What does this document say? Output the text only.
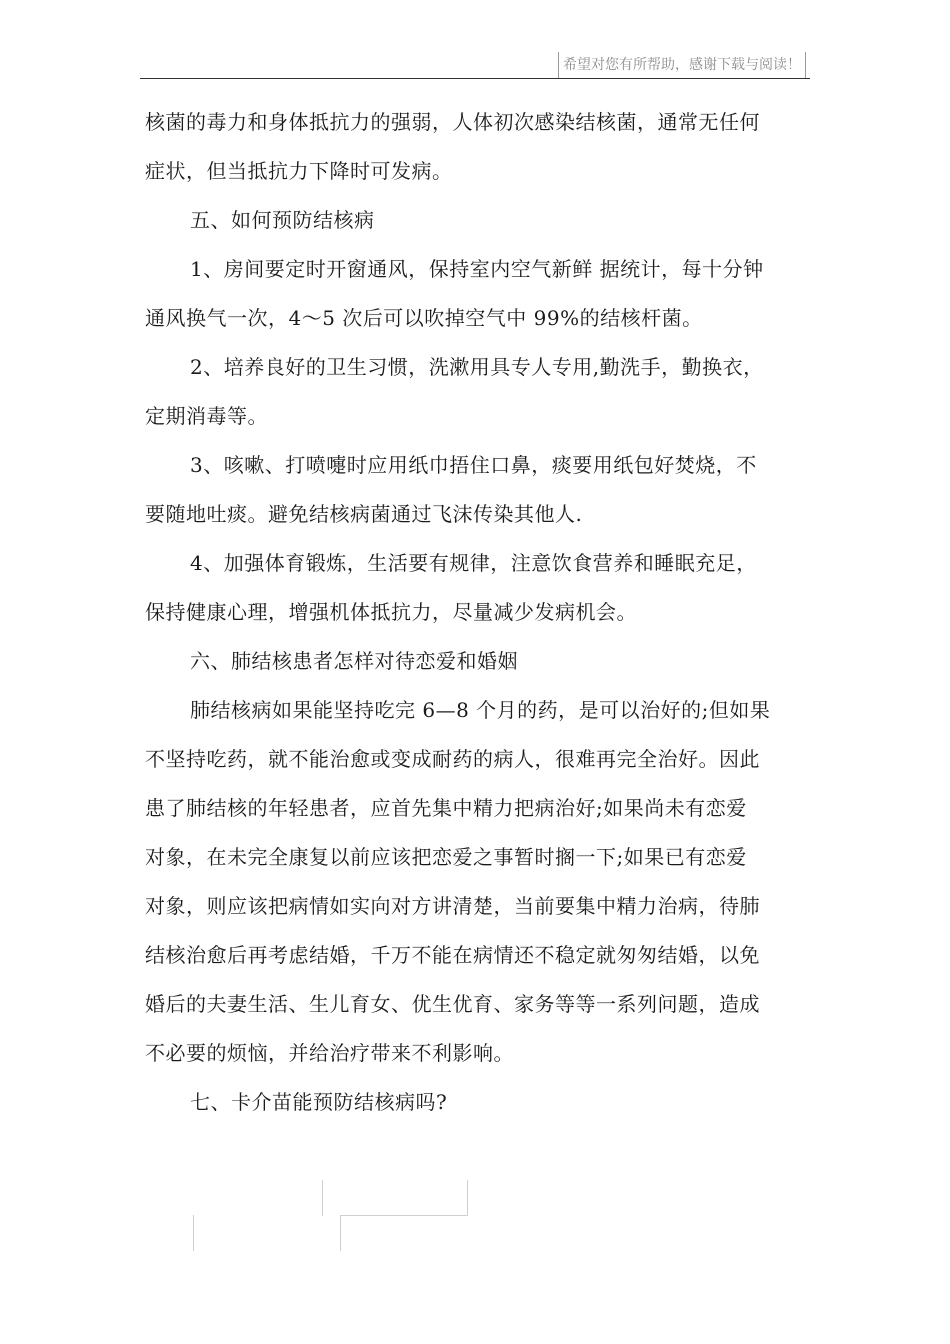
希望对您有所帮助，感谢下载与阅读！
核菌的毒力和身体抵抗力的强弱，人体初次感染结核菌，通常无任何
症状，但当抵抗力下降时可发病。
五、如何预防结核病
1、房间要定时开窗通风，保持室内空气新鲜 据统计，每十分钟
通风换气一次，4～5 次后可以吹掉空气中 99%的结核杆菌。
2、培养良好的卫生习惯，洗漱用具专人专用,勤洗手，勤换衣，
定期消毒等。
3、咳嗽、打喷嚏时应用纸巾捂住口鼻，痰要用纸包好焚烧，不
要随地吐痰。避免结核病菌通过飞沫传染其他人.
4、加强体育锻炼，生活要有规律，注意饮食营养和睡眠充足，
保持健康心理，增强机体抵抗力，尽量减少发病机会。
六、肺结核患者怎样对待恋爱和婚姻
肺结核病如果能坚持吃完 6—8 个月的药，是可以治好的;但如果
不坚持吃药，就不能治愈或变成耐药的病人，很难再完全治好。因此
患了肺结核的年轻患者，应首先集中精力把病治好;如果尚未有恋爱
对象，在未完全康复以前应该把恋爱之事暂时搁一下;如果已有恋爱
对象，则应该把病情如实向对方讲清楚，当前要集中精力治病，待肺
结核治愈后再考虑结婚，千万不能在病情还不稳定就匆匆结婚，以免
婚后的夫妻生活、生儿育女、优生优育、家务等等一系列问题，造成
不必要的烦恼，并给治疗带来不利影响。
七、卡介苗能预防结核病吗?
